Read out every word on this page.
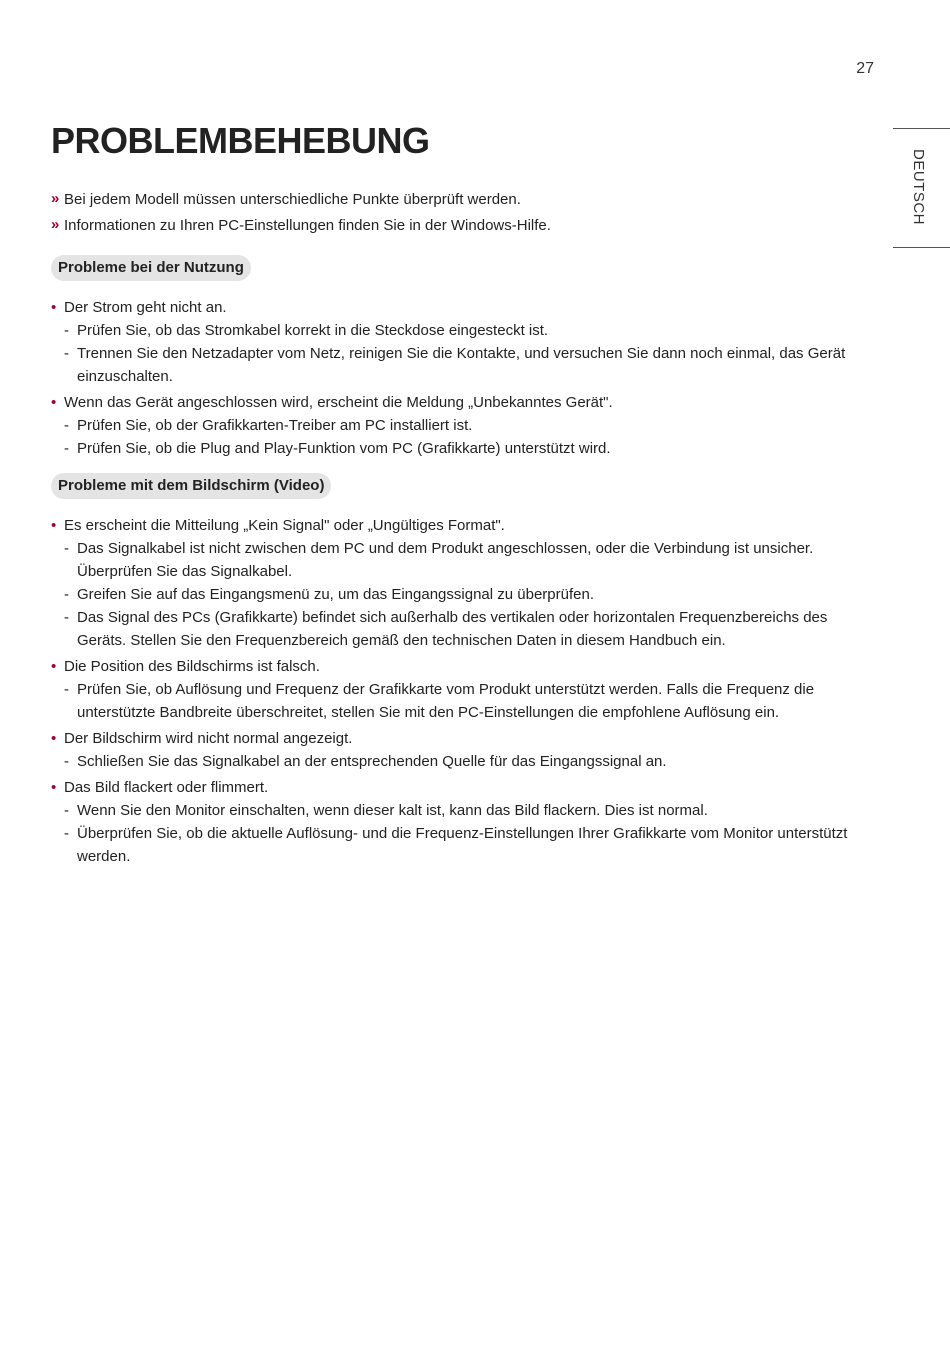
27
DEUTSCH
PROBLEMBEHEBUNG
» Bei jedem Modell müssen unterschiedliche Punkte überprüft werden.
» Informationen zu Ihren PC-Einstellungen finden Sie in der Windows-Hilfe.
Probleme bei der Nutzung
• Der Strom geht nicht an.
- Prüfen Sie, ob das Stromkabel korrekt in die Steckdose eingesteckt ist.
- Trennen Sie den Netzadapter vom Netz, reinigen Sie die Kontakte, und versuchen Sie dann noch einmal, das Gerät einzuschalten.
• Wenn das Gerät angeschlossen wird, erscheint die Meldung „Unbekanntes Gerät".
- Prüfen Sie, ob der Grafikkarten-Treiber am PC installiert ist.
- Prüfen Sie, ob die Plug and Play-Funktion vom PC (Grafikkarte) unterstützt wird.
Probleme mit dem Bildschirm (Video)
• Es erscheint die Mitteilung „Kein Signal" oder „Ungültiges Format".
- Das Signalkabel ist nicht zwischen dem PC und dem Produkt angeschlossen, oder die Verbindung ist unsicher. Überprüfen Sie das Signalkabel.
- Greifen Sie auf das Eingangsmenü zu, um das Eingangssignal zu überprüfen.
- Das Signal des PCs (Grafikkarte) befindet sich außerhalb des vertikalen oder horizontalen Frequenzbereichs des Geräts. Stellen Sie den Frequenzbereich gemäß den technischen Daten in diesem Handbuch ein.
• Die Position des Bildschirms ist falsch.
- Prüfen Sie, ob Auflösung und Frequenz der Grafikkarte vom Produkt unterstützt werden. Falls die Frequenz die unterstützte Bandbreite überschreitet, stellen Sie mit den PC-Einstellungen die empfohlene Auflösung ein.
• Der Bildschirm wird nicht normal angezeigt.
- Schließen Sie das Signalkabel an der entsprechenden Quelle für das Eingangssignal an.
• Das Bild flackert oder flimmert.
- Wenn Sie den Monitor einschalten, wenn dieser kalt ist, kann das Bild flackern. Dies ist normal.
- Überprüfen Sie, ob die aktuelle Auflösung- und die Frequenz-Einstellungen Ihrer Grafikkarte vom Monitor unterstützt werden.
